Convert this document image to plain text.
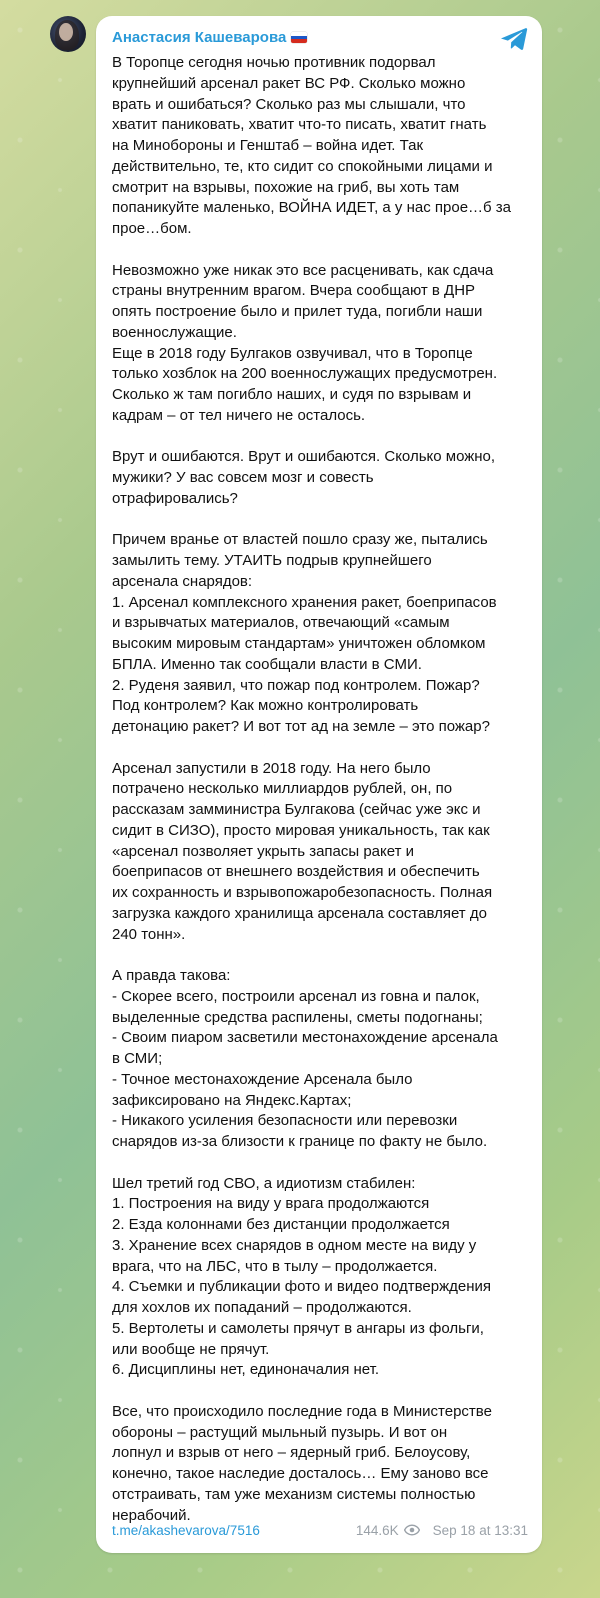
Анастасия Кашеварова

В Торопце сегодня ночью противник подорвал
крупнейший арсенал ракет ВС РФ. Сколько можно
врать и ошибаться? Сколько раз мы слышали, что
хватит паниковать, хватит что-то писать, хватит гнать
на Минобороны и Генштаб – война идет. Так
действительно, те, кто сидит со спокойными лицами и
смотрит на взрывы, похожие на гриб, вы хоть там
попаникуйте маленько, ВОЙНА ИДЕТ, а у нас прое…б за
прое…бом.

Невозможно уже никак это все расценивать, как сдача
страны внутренним врагом. Вчера сообщают в ДНР
опять построение было и прилет туда, погибли наши
военнослужащие.
Еще в 2018 году Булгаков озвучивал, что в Торопце
только хозблок на 200 военнослужащих предусмотрен.
Сколько ж там погибло наших, и судя по взрывам и
кадрам – от тел ничего не осталось.

Врут и ошибаются. Врут и ошибаются. Сколько можно,
мужики? У вас совсем мозг и совесть
отрафировались?

Причем вранье от властей пошло сразу же, пытались
замылить тему. УТАИТЬ подрыв крупнейшего
арсенала снарядов:
1. Арсенал комплексного хранения ракет, боеприпасов
и взрывчатых материалов, отвечающий «самым
высоким мировым стандартам» уничтожен обломком
БПЛА. Именно так сообщали власти в СМИ.
2. Руденя заявил, что пожар под контролем. Пожар?
Под контролем? Как можно контролировать
детонацию ракет? И вот тот ад на земле – это пожар?

Арсенал запустили в 2018 году. На него было
потрачено несколько миллиардов рублей, он, по
рассказам замминистра Булгакова (сейчас уже экс и
сидит в СИЗО), просто мировая уникальность, так как
«арсенал позволяет укрыть запасы ракет и
боеприпасов от внешнего воздействия и обеспечить
их сохранность и взрывопожаробезопасность. Полная
загрузка каждого хранилища арсенала составляет до
240 тонн».

А правда такова:
- Скорее всего, построили арсенал из говна и палок,
выделенные средства распилены, сметы подогнаны;
- Своим пиаром засветили местонахождение арсенала
в СМИ;
- Точное местонахождение Арсенала было
зафиксировано на Яндекс.Картах;
- Никакого усиления безопасности или перевозки
снарядов из-за близости к границе по факту не было.

Шел третий год СВО, а идиотизм стабилен:
1. Построения на виду у врага продолжаются
2. Езда колоннами без дистанции продолжается
3. Хранение всех снарядов в одном месте на виду у
врага, что на ЛБС, что в тылу – продолжается.
4. Съемки и публикации фото и видео подтверждения
для хохлов их попаданий – продолжаются.
5. Вертолеты и самолеты прячут в ангары из фольги,
или вообще не прячут.
6. Дисциплины нет, единоначалия нет.

Все, что происходило последние года в Министерстве
обороны – растущий мыльный пузырь. И вот он
лопнул и взрыв от него – ядерный гриб. Белоусову,
конечно, такое наследие досталось… Ему заново все
отстраивать, там уже механизм системы полностью
нерабочий.

t.me/akashevarova/7516	144.6K	Sep 18 at 13:31
